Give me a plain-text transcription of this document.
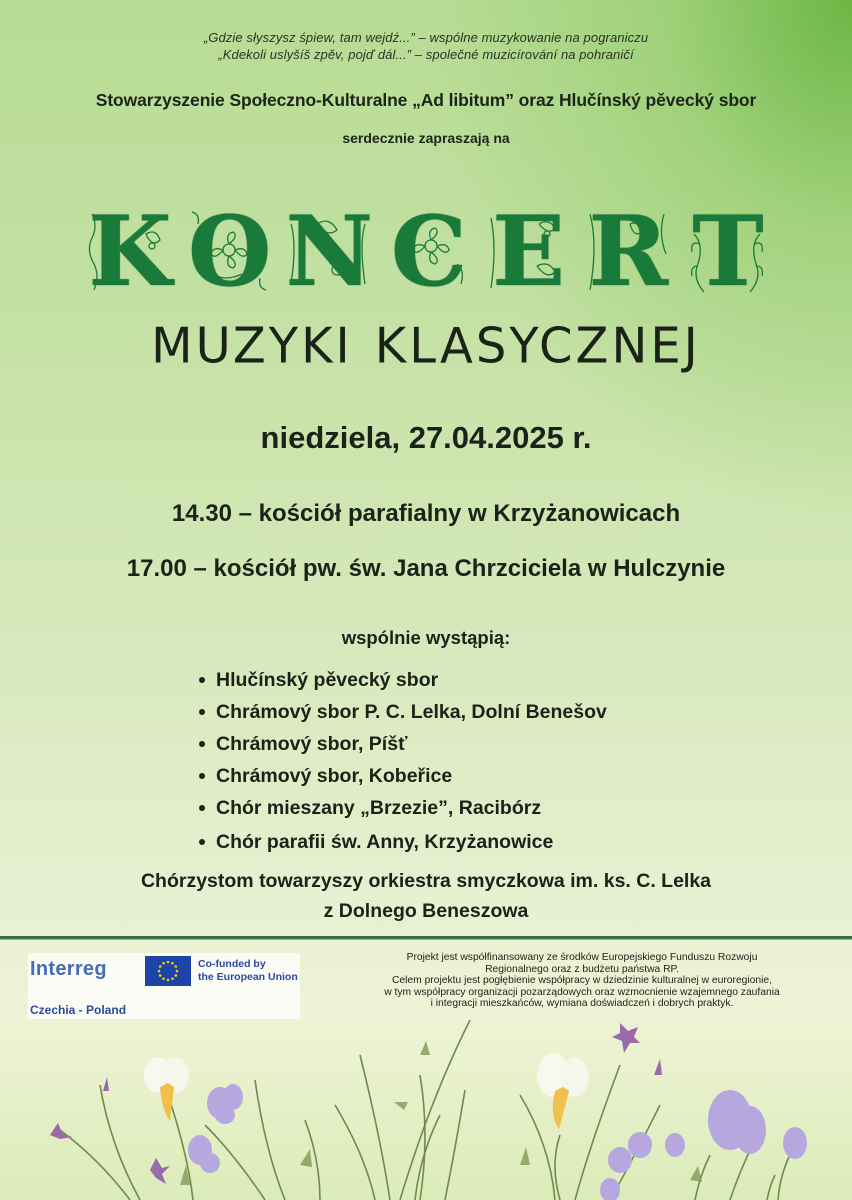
„Gdzie słyszysz śpiew, tam wejdź...” – wspólne muzykowanie na pograniczu
„Kdekoli uslyšíš zpěv, pojď dál...” – společné muzicírování na pohraničí
Stowarzyszenie Społeczno-Kulturalne „Ad libitum” oraz Hlučínský pěvecký sbor
serdecznie zapraszają na
K O N C E R T
MUZYKI KLASYCZNEJ
niedziela, 27.04.2025 r.
14.30 – kościół parafialny w Krzyżanowicach
17.00 – kościół pw. św. Jana Chrzciciela w Hulczynie
wspólnie wystąpią:
Hlučínský pěvecký sbor
Chrámový sbor P. C. Lelka, Dolní Benešov
Chrámový sbor, Píšť
Chrámový sbor, Kobeřice
Chór mieszany „Brzezie”, Racibórz
Chór parafii św. Anny, Krzyżanowice
Chórzystom towarzyszy orkiestra smyczkowa im. ks. C. Lelka
z Dolnego Beneszowa
Interreg	Co-funded by
the European Union
Czechia - Poland
Projekt jest współfinansowany ze środków Europejskiego Funduszu Rozwoju
Regionalnego oraz z budżetu państwa RP.
Celem projektu jest pogłębienie współpracy w dziedzinie kulturalnej w euroregionie,
w tym współpracy organizacji pozarządowych oraz wzmocnienie wzajemnego zaufania
i integracji mieszkańców, wymiana doświadczeń i dobrych praktyk.
